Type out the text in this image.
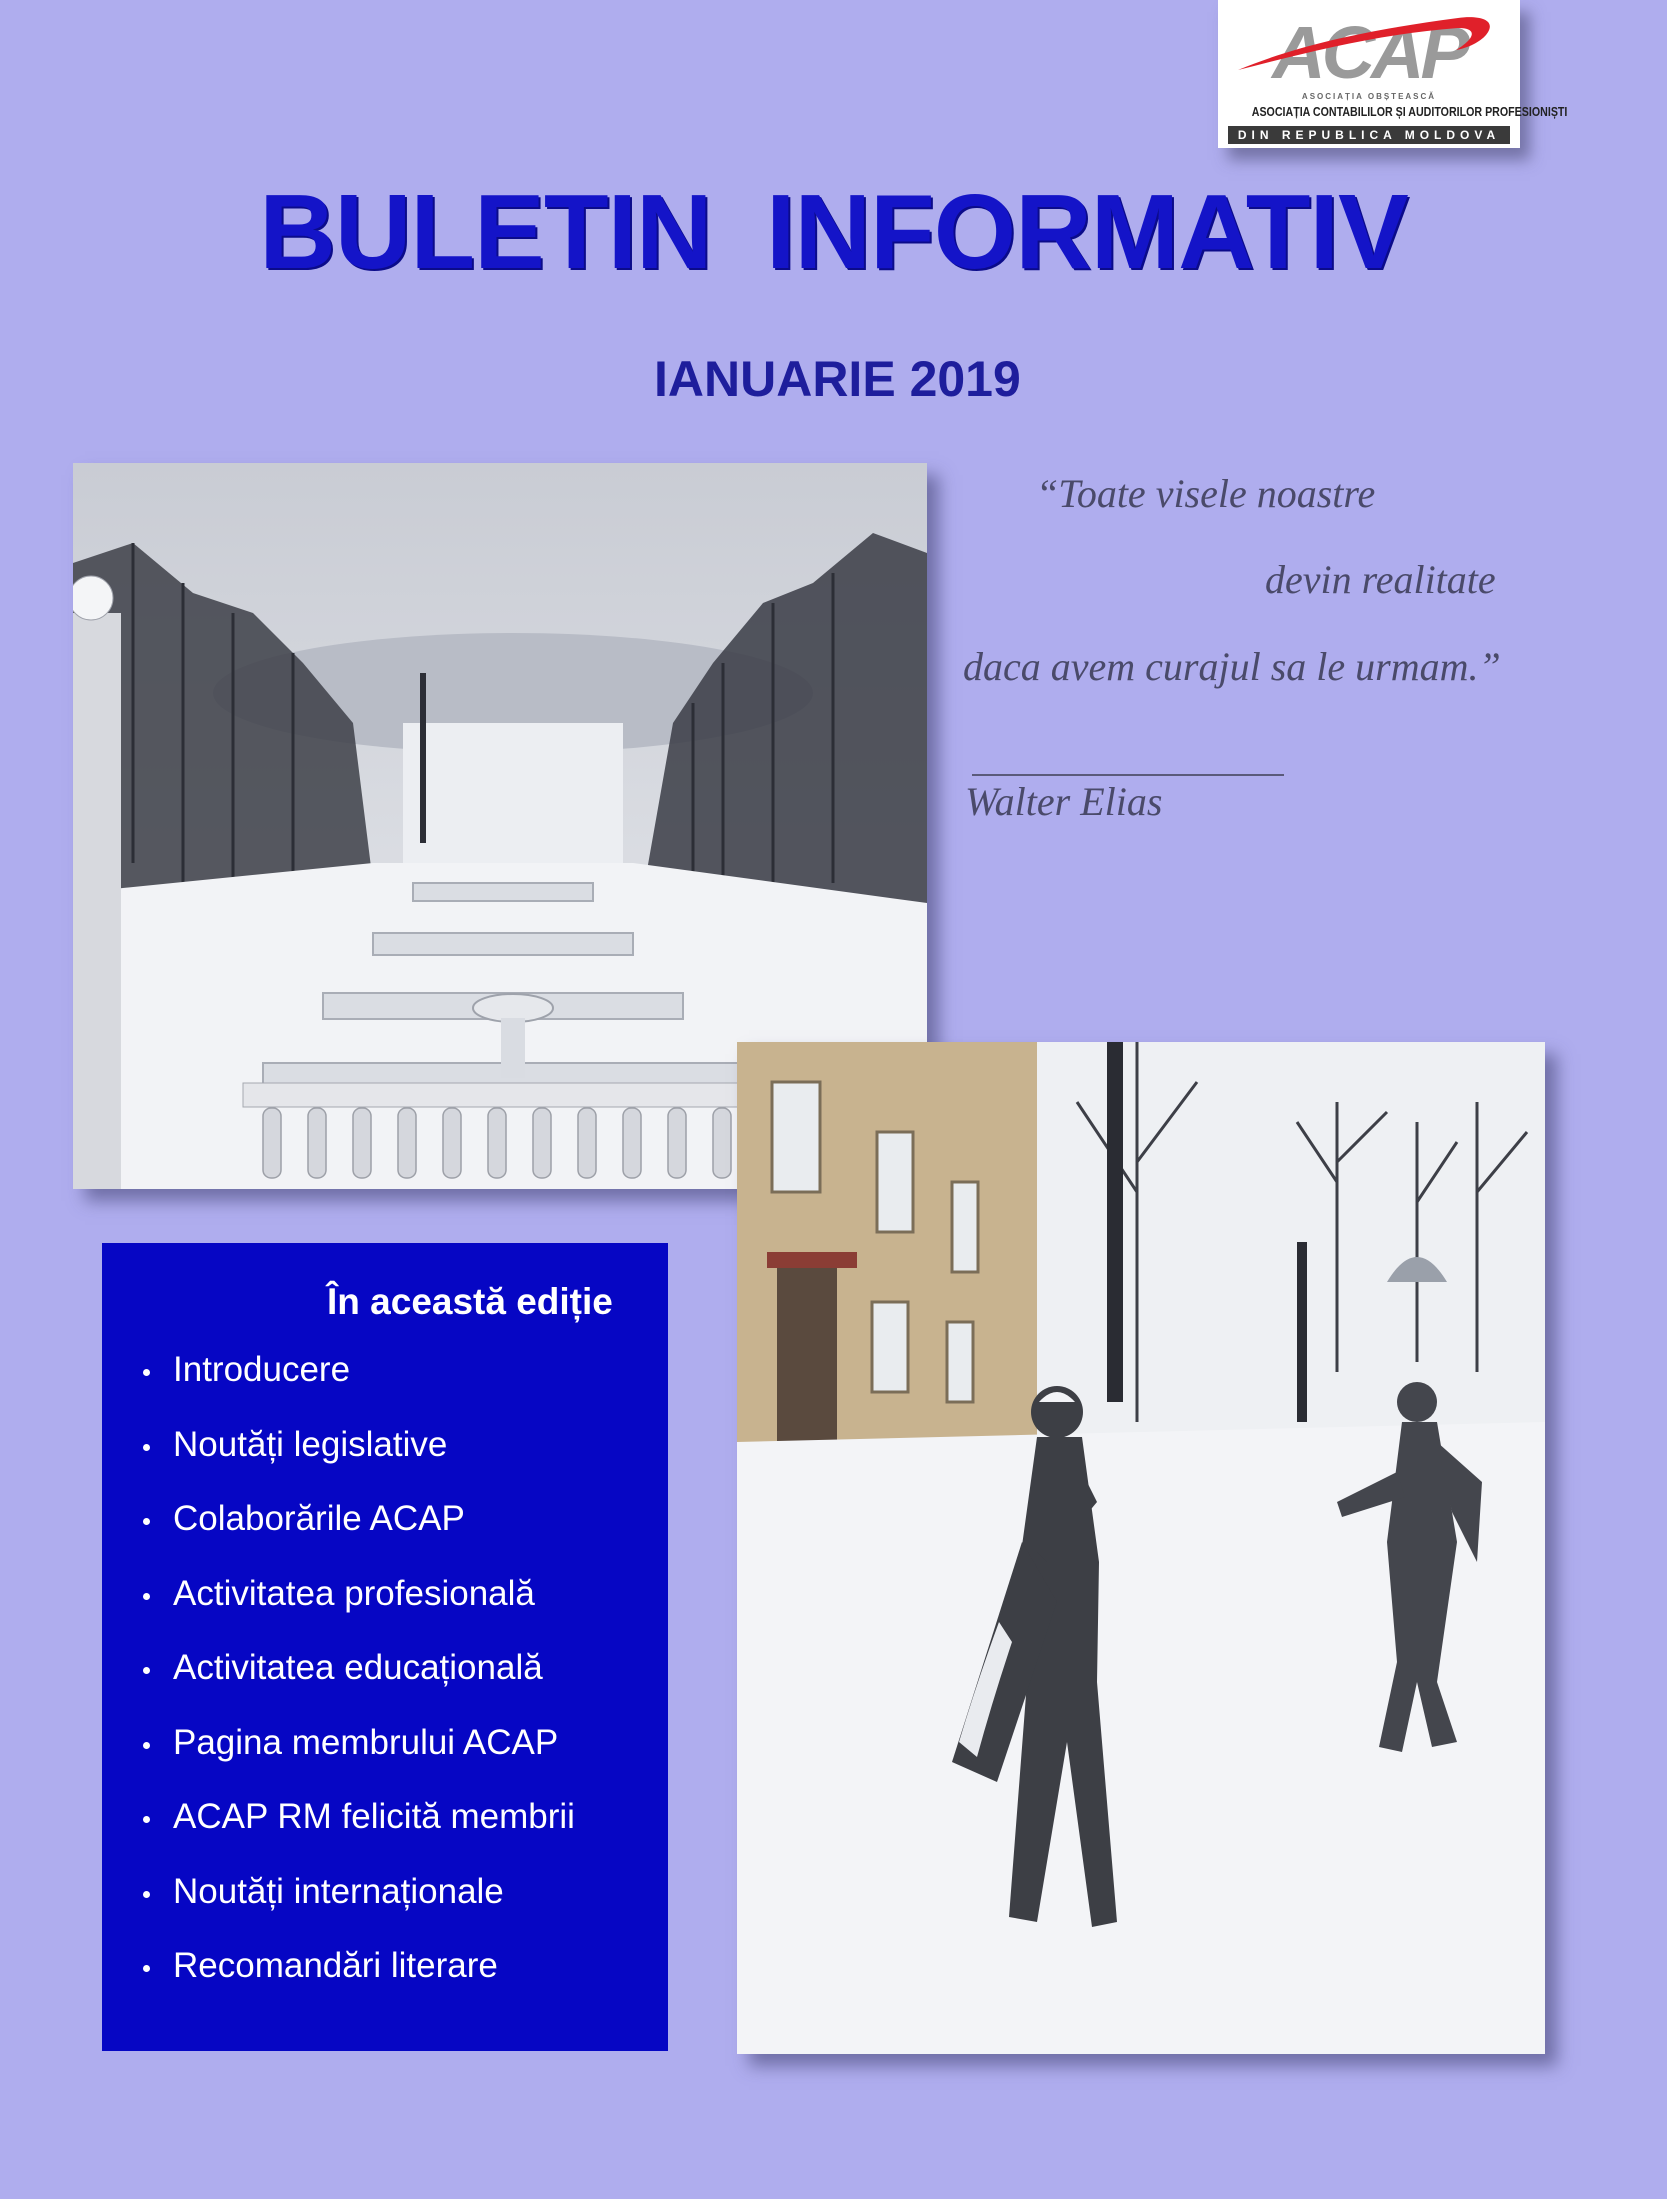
ACAP
ASOCIAȚIA OBȘTEASCĂ
ASOCIAȚIA CONTABILILOR ȘI AUDITORILOR PROFESIONIȘTI
DIN REPUBLICA MOLDOVA
BULETIN INFORMATIV
IANUARIE 2019
“Toate visele noastre
devin realitate
daca avem curajul sa le urmam.”
Walter Elias
În această ediție
Introducere
Noutăți legislative
Colaborările ACAP
Activitatea profesională
Activitatea educațională
Pagina membrului ACAP
ACAP RM felicită membrii
Noutăți internaționale
Recomandări literare
